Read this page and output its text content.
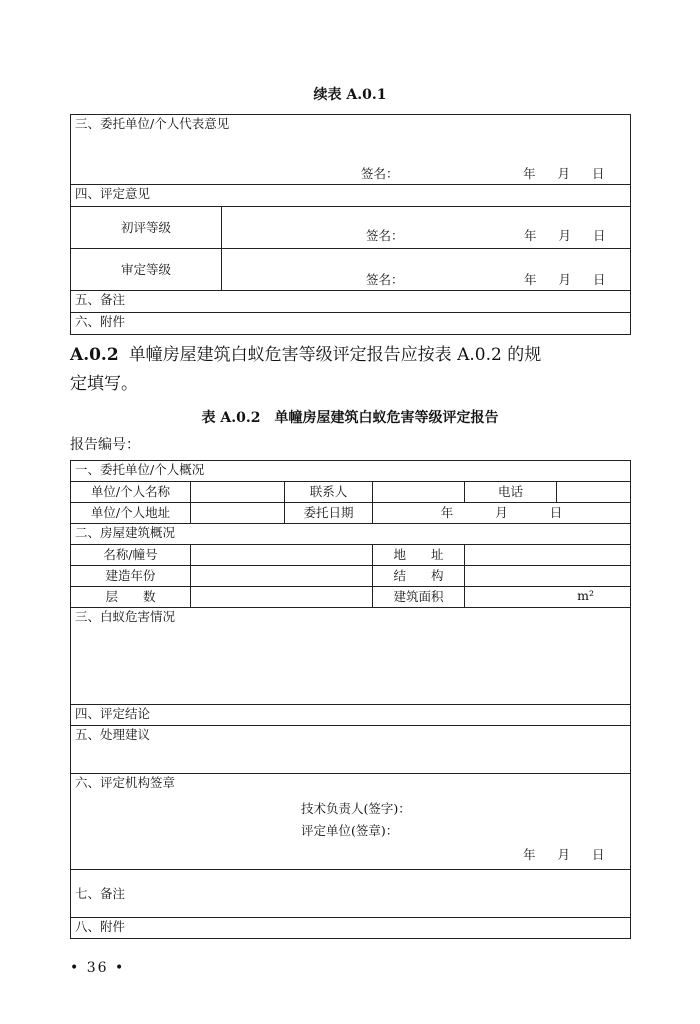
续表 A.0.1
三、委托单位/个人代表意见
签名： 年 月 日	

四、评定意见	
初评等级	签名： 年 月 日

审定等级	签名： 年 月 日

五、备注	
六、附件	
A.0.2 单幢房屋建筑白蚁危害等级评定报告应按表 A.0.2 的规
定填写。
表 A.0.2　单幢房屋建筑白蚁危害等级评定报告
报告编号：
一、委托单位/个人概况					
单位/个人名称		联系人		电话	
单位/个人地址		委托日期	年 月 日		
二、房屋建筑概况					
名称/幢号			地　　址		
建造年份			结　　构		
层　　数			建筑面积	m²	
三、白蚁危害情况					
四、评定结论					
五、处理建议					

六、评定机构签章
技术负责人(签字)：
评定单位(签章)：
年 月 日					

七、备注					
八、附件					
• 36 •
